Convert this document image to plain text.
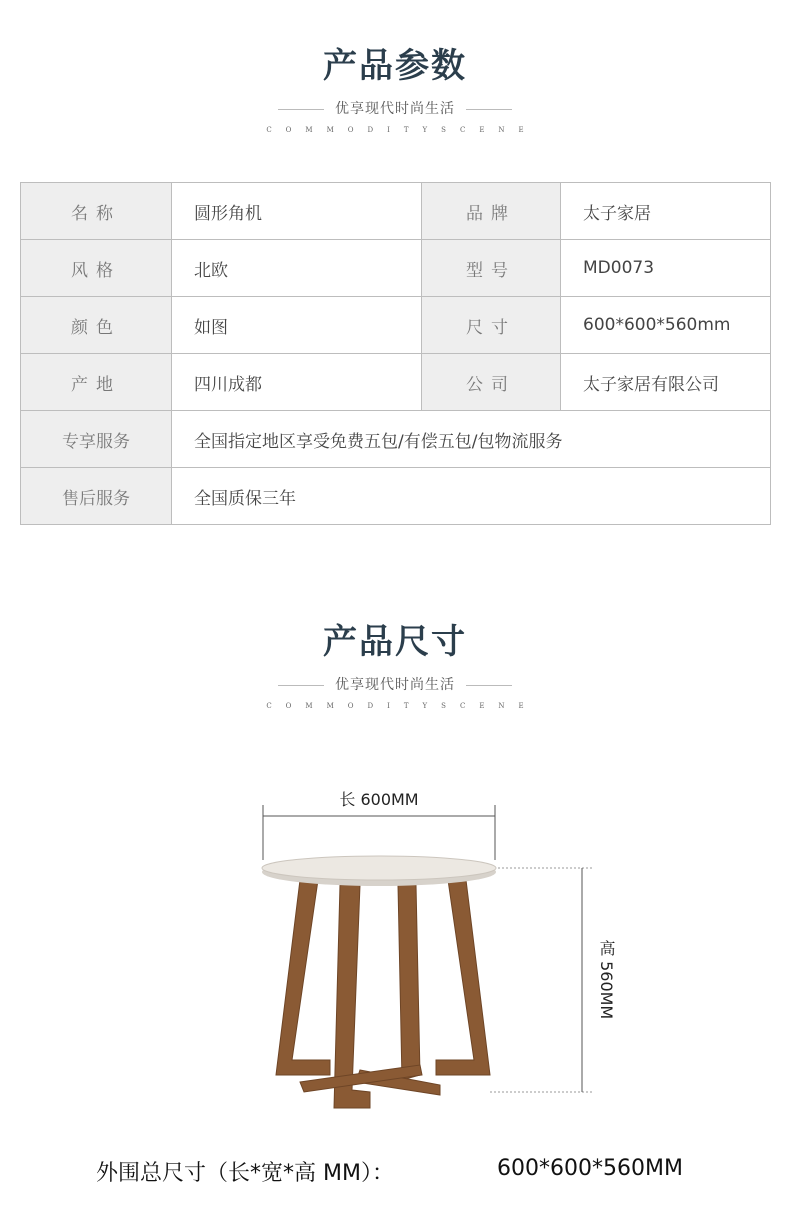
产品参数
优享现代时尚生活
COMMODITYSCENE
名称	圆形角机	品牌	太子家居
风格	北欧	型号	MD0073
颜色	如图	尺寸	600*600*560mm
产地	四川成都	公司	太子家居有限公司
专享服务	全国指定地区享受免费五包/有偿五包/包物流服务		
售后服务	全国质保三年		
产品尺寸
优享现代时尚生活
COMMODITYSCENE
长 600MM
高 560MM
外围总尺寸（长*宽*高 MM）：	600*600*560MM
